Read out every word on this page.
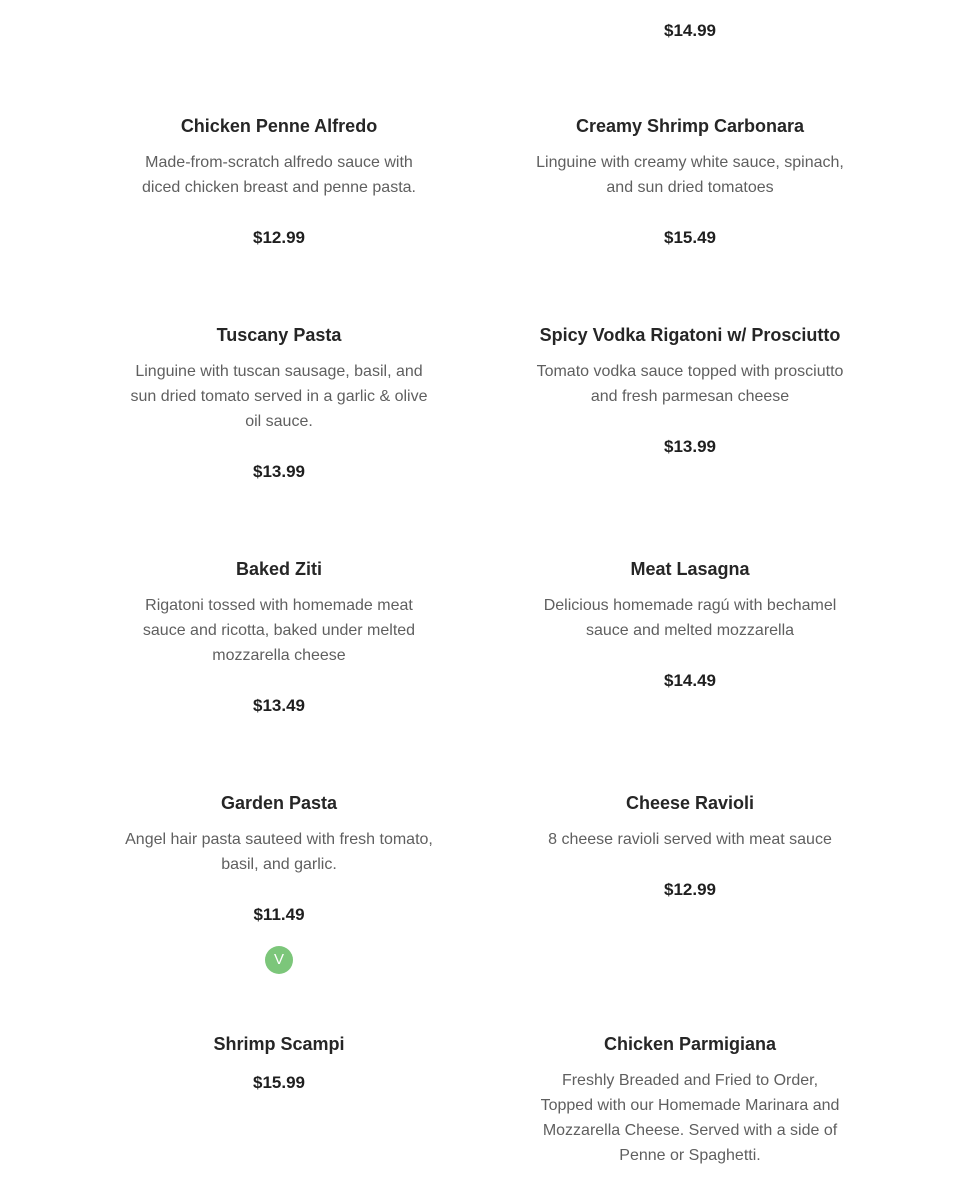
$14.99

Chicken Penne Alfredo

Made-from-scratch alfredo sauce with diced chicken breast and penne pasta.

$12.99

Creamy Shrimp Carbonara

Linguine with creamy white sauce, spinach, and sun dried tomatoes

$15.49

Tuscany Pasta

Linguine with tuscan sausage, basil, and sun dried tomato served in a garlic & olive oil sauce.

$13.99

Spicy Vodka Rigatoni w/ Prosciutto

Tomato vodka sauce topped with prosciutto and fresh parmesan cheese

$13.99

Baked Ziti

Rigatoni tossed with homemade meat sauce and ricotta, baked under melted mozzarella cheese

$13.49

Meat Lasagna

Delicious homemade ragú with bechamel sauce and melted mozzarella

$14.49

Garden Pasta

Angel hair pasta sauteed with fresh tomato, basil, and garlic.

$11.49

V

Cheese Ravioli

8 cheese ravioli served with meat sauce

$12.99

Shrimp Scampi

$15.99

Chicken Parmigiana

Freshly Breaded and Fried to Order, Topped with our Homemade Marinara and Mozzarella Cheese. Served with a side of Penne or Spaghetti.
